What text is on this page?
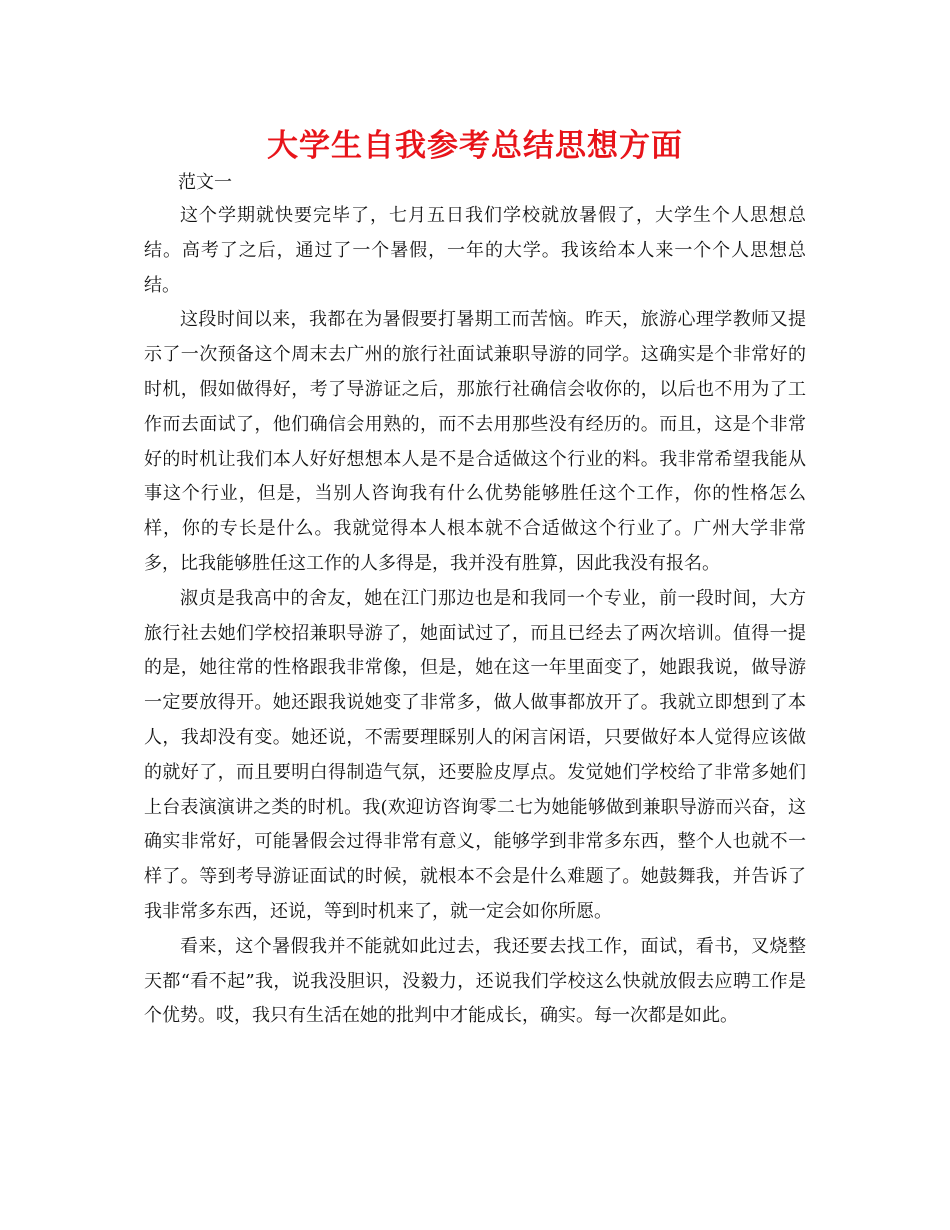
大学生自我参考总结思想方面
范文一

这个学期就快要完毕了，七月五日我们学校就放暑假了，大学生个人思想总结。高考了之后，通过了一个暑假，一年的大学。我该给本人来一个个人思想总结。

这段时间以来，我都在为暑假要打暑期工而苦恼。昨天，旅游心理学教师又提示了一次预备这个周末去广州的旅行社面试兼职导游的同学。这确实是个非常好的时机，假如做得好，考了导游证之后，那旅行社确信会收你的，以后也不用为了工作而去面试了，他们确信会用熟的，而不去用那些没有经历的。而且，这是个非常好的时机让我们本人好好想想本人是不是合适做这个行业的料。我非常希望我能从事这个行业，但是，当别人咨询我有什么优势能够胜任这个工作，你的性格怎么样，你的专长是什么。我就觉得本人根本就不合适做这个行业了。广州大学非常多，比我能够胜任这工作的人多得是，我并没有胜算，因此我没有报名。

淑贞是我高中的舍友，她在江门那边也是和我同一个专业，前一段时间，大方旅行社去她们学校招兼职导游了，她面试过了，而且已经去了两次培训。值得一提的是，她往常的性格跟我非常像，但是，她在这一年里面变了，她跟我说，做导游一定要放得开。她还跟我说她变了非常多，做人做事都放开了。我就立即想到了本人，我却没有变。她还说，不需要理睬别人的闲言闲语，只要做好本人觉得应该做的就好了，而且要明白得制造气氛，还要脸皮厚点。发觉她们学校给了非常多她们上台表演演讲之类的时机。我(欢迎访咨询零二七为她能够做到兼职导游而兴奋，这确实非常好，可能暑假会过得非常有意义，能够学到非常多东西，整个人也就不一样了。等到考导游证面试的时候，就根本不会是什么难题了。她鼓舞我，并告诉了我非常多东西，还说，等到时机来了，就一定会如你所愿。

看来，这个暑假我并不能就如此过去，我还要去找工作，面试，看书，叉烧整天都“看不起”我，说我没胆识，没毅力，还说我们学校这么快就放假去应聘工作是个优势。哎，我只有生活在她的批判中才能成长，确实。每一次都是如此。
